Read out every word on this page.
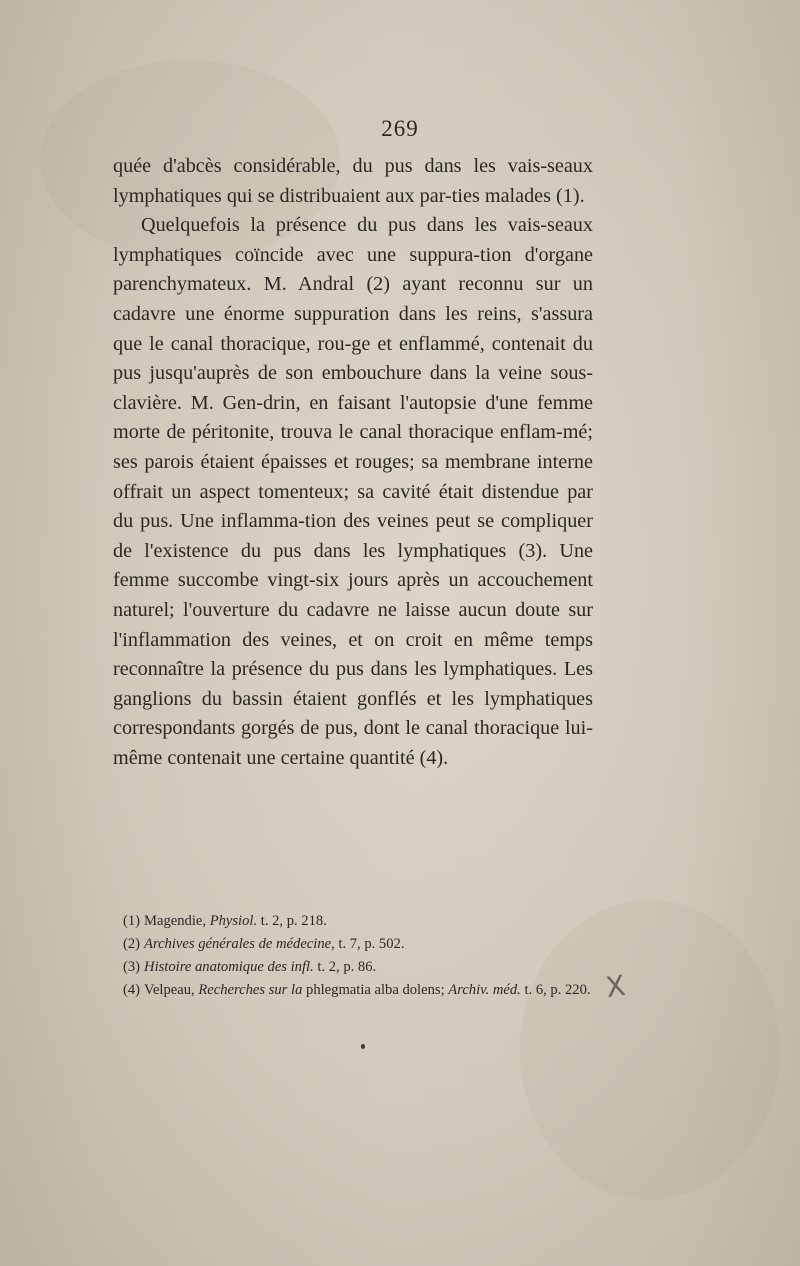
269

quée d'abcès considérable, du pus dans les vais-seaux lymphatiques qui se distribuaient aux par-ties malades (1).

Quelquefois la présence du pus dans les vais-seaux lymphatiques coïncide avec une suppura-tion d'organe parenchymateux. M. Andral (2) ayant reconnu sur un cadavre une énorme suppuration dans les reins, s'assura que le canal thoracique, rou-ge et enflammé, contenait du pus jusqu'auprès de son embouchure dans la veine sous-clavière. M. Gen-drin, en faisant l'autopsie d'une femme morte de péritonite, trouva le canal thoracique enflam-mé; ses parois étaient épaisses et rouges; sa membrane interne offrait un aspect tomenteux; sa cavité était distendue par du pus. Une inflamma-tion des veines peut se compliquer de l'existence du pus dans les lymphatiques (3). Une femme succombe vingt-six jours après un accouchement naturel; l'ouverture du cadavre ne laisse aucun doute sur l'inflammation des veines, et on croit en même temps reconnaître la présence du pus dans les lymphatiques. Les ganglions du bassin étaient gonflés et les lymphatiques correspondants gorgés de pus, dont le canal thoracique lui-même contenait une certaine quantité (4).

(1) Magendie, Physiol. t. 2, p. 218.

(2) Archives générales de médecine, t. 7, p. 502.

(3) Histoire anatomique des infl. t. 2, p. 86.

(4) Velpeau, Recherches sur la phlegmatia alba dolens; Archiv. méd. t. 6, p. 220. X
